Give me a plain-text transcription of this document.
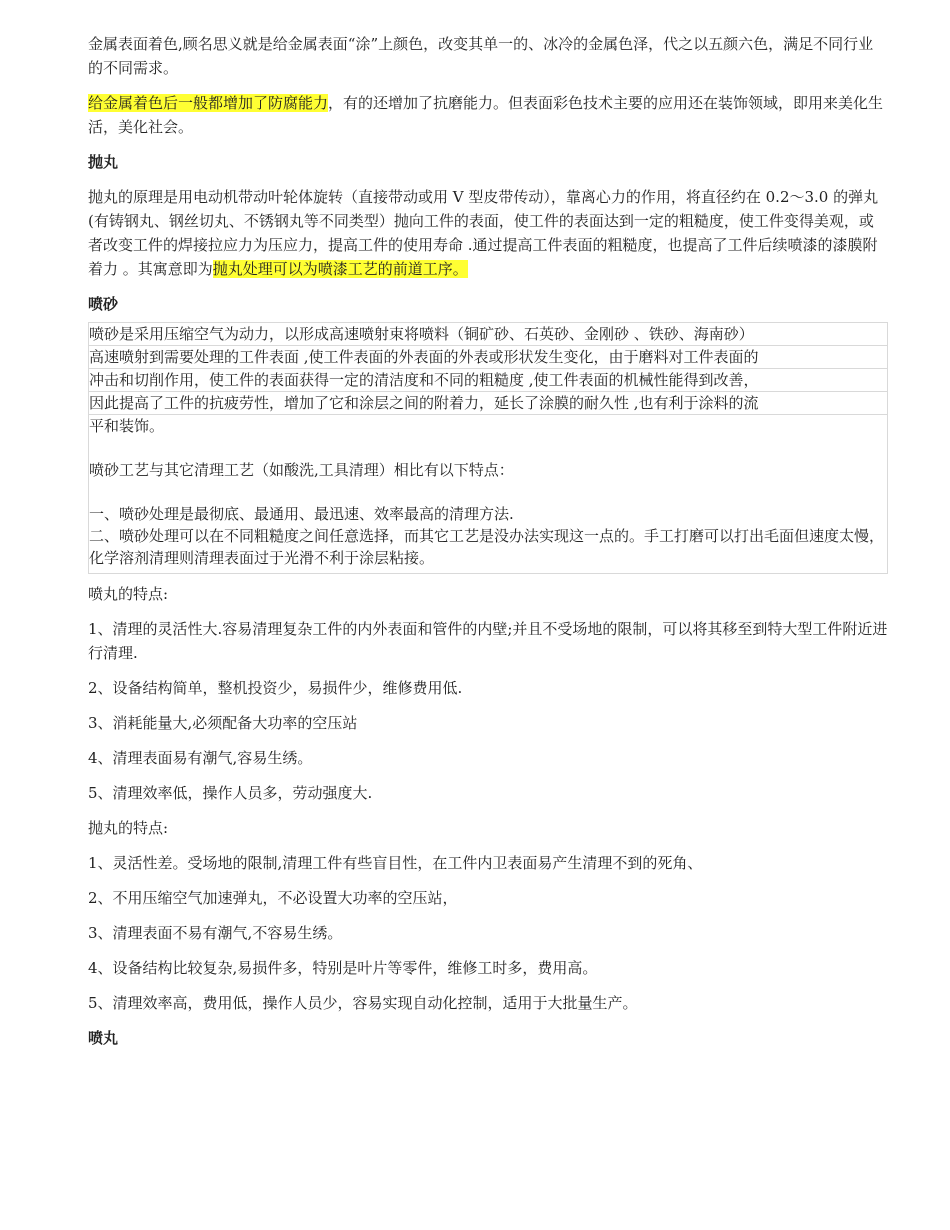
金属表面着色,顾名思义就是给金属表面“涂”上颜色，改变其单一的、冰冷的金属色泽，代之以五颜六色，满足不同行业的不同需求。

给金属着色后一般都增加了防腐能力，有的还增加了抗磨能力。但表面彩色技术主要的应用还在装饰领域，即用来美化生活，美化社会。

抛丸

抛丸的原理是用电动机带动叶轮体旋转（直接带动或用 V 型皮带传动），靠离心力的作用，将直径约在 0.2～3.0 的弹丸(有铸钢丸、钢丝切丸、不锈钢丸等不同类型）抛向工件的表面，使工件的表面达到一定的粗糙度，使工件变得美观，或者改变工件的焊接拉应力为压应力，提高工件的使用寿命 .通过提高工件表面的粗糙度，也提高了工件后续喷漆的漆膜附着力 。其寓意即为抛丸处理可以为喷漆工艺的前道工序。

喷砂
喷砂是采用压缩空气为动力，以形成高速喷射束将喷料（铜矿砂、石英砂、金刚砂 、铁砂、海南砂）
高速喷射到需要处理的工件表面 ,使工件表面的外表面的外表或形状发生变化，由于磨料对工件表面的
冲击和切削作用，使工件的表面获得一定的清洁度和不同的粗糙度 ,使工件表面的机械性能得到改善，
因此提高了工件的抗疲劳性，增加了它和涂层之间的附着力，延长了涂膜的耐久性 ,也有利于涂料的流

平和装饰。

喷砂工艺与其它清理工艺（如酸洗,工具清理）相比有以下特点：

一、喷砂处理是最彻底、最通用、最迅速、效率最高的清理方法.

二、喷砂处理可以在不同粗糙度之间任意选择，而其它工艺是没办法实现这一点的。手工打磨可以打出毛面但速度太慢，化学溶剂清理则清理表面过于光滑不利于涂层粘接。

喷丸的特点:

1、清理的灵活性大.容易清理复杂工件的内外表面和管件的内壁;并且不受场地的限制，可以将其移至到特大型工件附近进行清理.

2、设备结构简单，整机投资少，易损件少，维修费用低.

3、消耗能量大,必须配备大功率的空压站

4、清理表面易有潮气,容易生绣。

5、清理效率低，操作人员多，劳动强度大.

抛丸的特点:

1、灵活性差。受场地的限制,清理工件有些盲目性，在工件内卫表面易产生清理不到的死角、

2、不用压缩空气加速弹丸，不必设置大功率的空压站，

3、清理表面不易有潮气,不容易生绣。

4、设备结构比较复杂,易损件多，特别是叶片等零件，维修工时多，费用高。

5、清理效率高，费用低，操作人员少，容易实现自动化控制，适用于大批量生产。

喷丸
